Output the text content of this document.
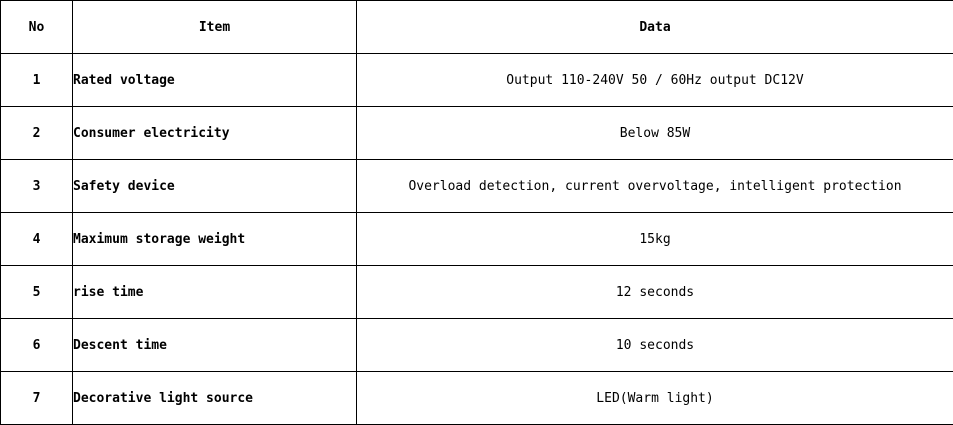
No	Item	Data
1	Rated voltage	Output 110-240V 50 / 60Hz output DC12V
2	Consumer electricity	Below 85W
3	Safety device	Overload detection, current overvoltage, intelligent protection
4	Maximum storage weight	15kg
5	rise time	12 seconds
6	Descent time	10 seconds
7	Decorative light source	LED(Warm light)
